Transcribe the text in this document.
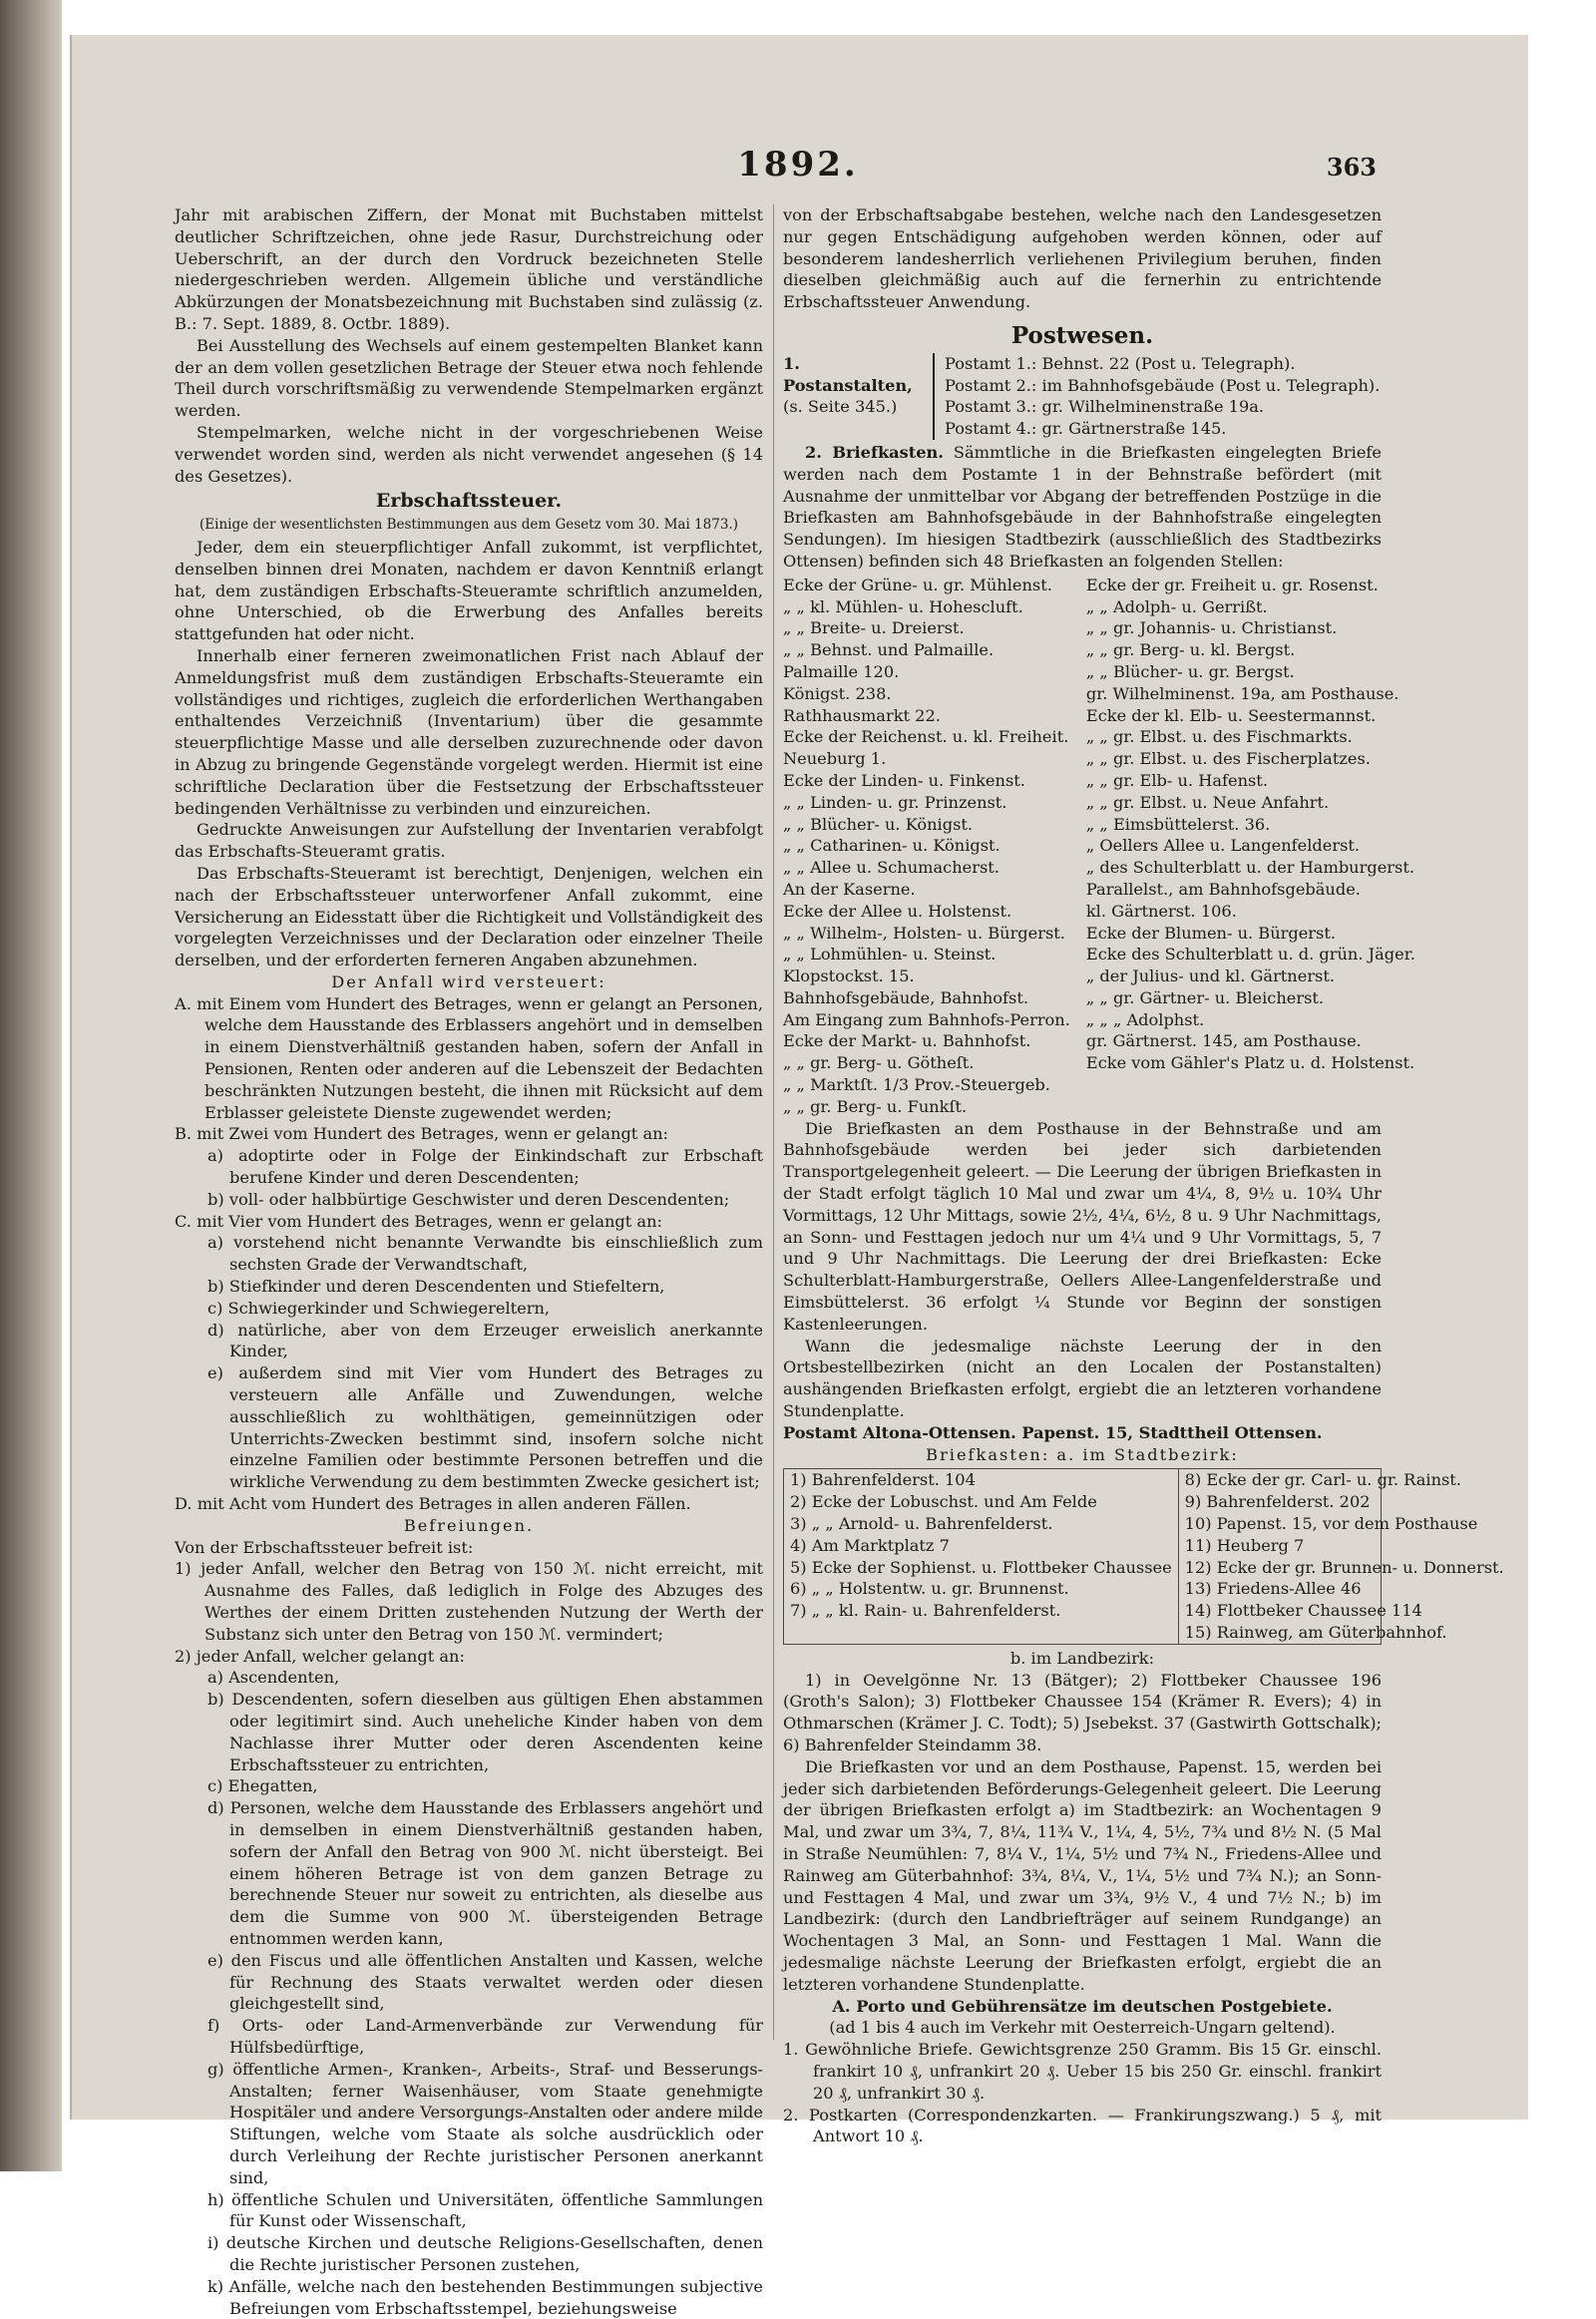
1892.	363

Jahr mit arabischen Ziffern, der Monat mit Buchstaben mittelst deutlicher Schriftzeichen, ohne jede Rasur, Durchstreichung oder Ueberschrift, an der durch den Vordruck bezeichneten Stelle niedergeschrieben werden. Allgemein übliche und verständliche Abkürzungen der Monatsbezeichnung mit Buchstaben sind zulässig (z. B.: 7. Sept. 1889, 8. Octbr. 1889).

Bei Ausstellung des Wechsels auf einem gestempelten Blanket kann der an dem vollen gesetzlichen Betrage der Steuer etwa noch fehlende Theil durch vorschriftsmäßig zu verwendende Stempelmarken ergänzt werden.

Stempelmarken, welche nicht in der vorgeschriebenen Weise verwendet worden sind, werden als nicht verwendet angesehen (§ 14 des Gesetzes).

Erbschaftssteuer.
(Einige der wesentlichsten Bestimmungen aus dem Gesetz vom 30. Mai 1873.)

Jeder, dem ein steuerpflichtiger Anfall zukommt, ist verpflichtet, denselben binnen drei Monaten, nachdem er davon Kenntniß erlangt hat, dem zuständigen Erbschafts-Steueramte schriftlich anzumelden, ohne Unterschied, ob die Erwerbung des Anfalles bereits stattgefunden hat oder nicht.

Innerhalb einer ferneren zweimonatlichen Frist nach Ablauf der Anmeldungsfrist muß dem zuständigen Erbschafts-Steueramte ein vollständiges und richtiges, zugleich die erforderlichen Werthangaben enthaltendes Verzeichniß (Inventarium) über die gesammte steuerpflichtige Masse und alle derselben zuzurechnende oder davon in Abzug zu bringende Gegenstände vorgelegt werden. Hiermit ist eine schriftliche Declaration über die Festsetzung der Erbschaftssteuer bedingenden Verhältnisse zu verbinden und einzureichen.

Gedruckte Anweisungen zur Aufstellung der Inventarien verabfolgt das Erbschafts-Steueramt gratis.

Das Erbschafts-Steueramt ist berechtigt, Denjenigen, welchen ein nach der Erbschaftssteuer unterworfener Anfall zukommt, eine Versicherung an Eidesstatt über die Richtigkeit und Vollständigkeit des vorgelegten Verzeichnisses und der Declaration oder einzelner Theile derselben, und der erforderten ferneren Angaben abzunehmen.

Der Anfall wird versteuert:

A. mit Einem vom Hundert des Betrages, wenn er gelangt an Personen, welche dem Hausstande des Erblassers angehört und in demselben in einem Dienstverhältniß gestanden haben, sofern der Anfall in Pensionen, Renten oder anderen auf die Lebenszeit der Bedachten beschränkten Nutzungen besteht, die ihnen mit Rücksicht auf dem Erblasser geleistete Dienste zugewendet werden;

B. mit Zwei vom Hundert des Betrages, wenn er gelangt an:

a) adoptirte oder in Folge der Einkindschaft zur Erbschaft berufene Kinder und deren Descendenten;

b) voll- oder halbbürtige Geschwister und deren Descendenten;

C. mit Vier vom Hundert des Betrages, wenn er gelangt an:

a) vorstehend nicht benannte Verwandte bis einschließlich zum sechsten Grade der Verwandtschaft,

b) Stiefkinder und deren Descendenten und Stiefeltern,

c) Schwiegerkinder und Schwiegereltern,

d) natürliche, aber von dem Erzeuger erweislich anerkannte Kinder,

e) außerdem sind mit Vier vom Hundert des Betrages zu versteuern alle Anfälle und Zuwendungen, welche ausschließlich zu wohlthätigen, gemeinnützigen oder Unterrichts-Zwecken bestimmt sind, insofern solche nicht einzelne Familien oder bestimmte Personen betreffen und die wirkliche Verwendung zu dem bestimmten Zwecke gesichert ist;

D. mit Acht vom Hundert des Betrages in allen anderen Fällen.

Befreiungen.

Von der Erbschaftssteuer befreit ist:

1) jeder Anfall, welcher den Betrag von 150 ℳ. nicht erreicht, mit Ausnahme des Falles, daß lediglich in Folge des Abzuges des Werthes der einem Dritten zustehenden Nutzung der Werth der Substanz sich unter den Betrag von 150 ℳ. vermindert;

2) jeder Anfall, welcher gelangt an:

a) Ascendenten,

b) Descendenten, sofern dieselben aus gültigen Ehen abstammen oder legitimirt sind. Auch uneheliche Kinder haben von dem Nachlasse ihrer Mutter oder deren Ascendenten keine Erbschaftssteuer zu entrichten,

c) Ehegatten,

d) Personen, welche dem Hausstande des Erblassers angehört und in demselben in einem Dienstverhältniß gestanden haben, sofern der Anfall den Betrag von 900 ℳ. nicht übersteigt. Bei einem höheren Betrage ist von dem ganzen Betrage zu berechnende Steuer nur soweit zu entrichten, als dieselbe aus dem die Summe von 900 ℳ. übersteigenden Betrage entnommen werden kann,

e) den Fiscus und alle öffentlichen Anstalten und Kassen, welche für Rechnung des Staats verwaltet werden oder diesen gleichgestellt sind,

f) Orts- oder Land-Armenverbände zur Verwendung für Hülfsbedürftige,

g) öffentliche Armen-, Kranken-, Arbeits-, Straf- und Besserungs-Anstalten; ferner Waisenhäuser, vom Staate genehmigte Hospitäler und andere Versorgungs-Anstalten oder andere milde Stiftungen, welche vom Staate als solche ausdrücklich oder durch Verleihung der Rechte juristischer Personen anerkannt sind,

h) öffentliche Schulen und Universitäten, öffentliche Sammlungen für Kunst oder Wissenschaft,

i) deutsche Kirchen und deutsche Religions-Gesellschaften, denen die Rechte juristischer Personen zustehen,

k) Anfälle, welche nach den bestehenden Bestimmungen subjective Befreiungen vom Erbschaftsstempel, beziehungsweise

von der Erbschaftsabgabe bestehen, welche nach den Landesgesetzen nur gegen Entschädigung aufgehoben werden können, oder auf besonderem landesherrlich verliehenen Privilegium beruhen, finden dieselben gleichmäßig auch auf die fernerhin zu entrichtende Erbschaftssteuer Anwendung.

Postwesen.
1. Postanstalten,
(s. Seite 345.)
Postamt 1.: Behnst. 22 (Post u. Telegraph).
Postamt 2.: im Bahnhofsgebäude (Post u. Telegraph).
Postamt 3.: gr. Wilhelminenstraße 19a.
Postamt 4.: gr. Gärtnerstraße 145.

2. Briefkasten. Sämmtliche in die Briefkasten eingelegten Briefe werden nach dem Postamte 1 in der Behnstraße befördert (mit Ausnahme der unmittelbar vor Abgang der betreffenden Postzüge in die Briefkasten am Bahnhofsgebäude in der Bahnhofstraße eingelegten Sendungen). Im hiesigen Stadtbezirk (ausschließlich des Stadtbezirks Ottensen) befinden sich 48 Briefkasten an folgenden Stellen:

Ecke der Grüne- u. gr. Mühlenst.
„ „ kl. Mühlen- u. Hohescluft.
„ „ Breite- u. Dreierst.
„ „ Behnst. und Palmaille.
Palmaille 120.
Königst. 238.
Rathhausmarkt 22.
Ecke der Reichenst. u. kl. Freiheit.
Neueburg 1.
Ecke der Linden- u. Finkenst.
„ „ Linden- u. gr. Prinzenst.
„ „ Blücher- u. Königst.
„ „ Catharinen- u. Königst.
„ „ Allee u. Schumacherst.
An der Kaserne.
Ecke der Allee u. Holstenst.
„ „ Wilhelm-, Holsten- u. Bürgerst.
„ „ Lohmühlen- u. Steinst.
Klopstockst. 15.
Bahnhofsgebäude, Bahnhofst.
Am Eingang zum Bahnhofs-Perron.
Ecke der Markt- u. Bahnhofst.
„ „ gr. Berg- u. Götheſt.
„ „ Marktſt. 1/3 Prov.-Steuergeb.
„ „ gr. Berg- u. Funkſt.
Ecke der gr. Freiheit u. gr. Rosenst.
„ „ Adolph- u. Gerrißt.
„ „ gr. Johannis- u. Christianst.
„ „ gr. Berg- u. kl. Bergst.
„ „ Blücher- u. gr. Bergst.
gr. Wilhelminenst. 19a, am Posthause.
Ecke der kl. Elb- u. Seestermannst.
„ „ gr. Elbst. u. des Fischmarkts.
„ „ gr. Elbst. u. des Fischerplatzes.
„ „ gr. Elb- u. Hafenst.
„ „ gr. Elbst. u. Neue Anfahrt.
„ „ Eimsbüttelerst. 36.
„ Oellers Allee u. Langenfelderst.
„ des Schulterblatt u. der Hamburgerst.
Parallelst., am Bahnhofsgebäude.
kl. Gärtnerst. 106.
Ecke der Blumen- u. Bürgerst.
Ecke des Schulterblatt u. d. grün. Jäger.
„ der Julius- und kl. Gärtnerst.
„ „ gr. Gärtner- u. Bleicherst.
„ „ „ Adolphst.
gr. Gärtnerst. 145, am Posthause.
Ecke vom Gähler's Platz u. d. Holstenst.

Die Briefkasten an dem Posthause in der Behnstraße und am Bahnhofsgebäude werden bei jeder sich darbietenden Transportgelegenheit geleert. — Die Leerung der übrigen Briefkasten in der Stadt erfolgt täglich 10 Mal und zwar um 4¼, 8, 9½ u. 10¾ Uhr Vormittags, 12 Uhr Mittags, sowie 2½, 4¼, 6½, 8 u. 9 Uhr Nachmittags, an Sonn- und Festtagen jedoch nur um 4¼ und 9 Uhr Vormittags, 5, 7 und 9 Uhr Nachmittags. Die Leerung der drei Briefkasten: Ecke Schulterblatt-Hamburgerstraße, Oellers Allee-Langenfelderstraße und Eimsbüttelerst. 36 erfolgt ¼ Stunde vor Beginn der sonstigen Kastenleerungen.

Wann die jedesmalige nächste Leerung der in den Ortsbestellbezirken (nicht an den Localen der Postanstalten) aushängenden Briefkasten erfolgt, ergiebt die an letzteren vorhandene Stundenplatte.

Postamt Altona-Ottensen. Papenst. 15, Stadttheil Ottensen.
Briefkasten: a. im Stadtbezirk:
1) Bahrenfelderst. 104
2) Ecke der Lobuschst. und Am Felde
3) „ „ Arnold- u. Bahrenfelderst.
4) Am Marktplatz 7
5) Ecke der Sophienst. u. Flottbeker Chaussee
6) „ „ Holstentw. u. gr. Brunnenst.
7) „ „ kl. Rain- u. Bahrenfelderst.
8) Ecke der gr. Carl- u. gr. Rainst.
9) Bahrenfelderst. 202
10) Papenst. 15, vor dem Posthause
11) Heuberg 7
12) Ecke der gr. Brunnen- u. Donnerst.
13) Friedens-Allee 46
14) Flottbeker Chaussee 114
15) Rainweg, am Güterbahnhof.
b. im Landbezirk:

1) in Oevelgönne Nr. 13 (Bätger); 2) Flottbeker Chaussee 196 (Groth's Salon); 3) Flottbeker Chaussee 154 (Krämer R. Evers); 4) in Othmarschen (Krämer J. C. Todt); 5) Jsebekst. 37 (Gastwirth Gottschalk); 6) Bahrenfelder Steindamm 38.

Die Briefkasten vor und an dem Posthause, Papenst. 15, werden bei jeder sich darbietenden Beförderungs-Gelegenheit geleert. Die Leerung der übrigen Briefkasten erfolgt a) im Stadtbezirk: an Wochentagen 9 Mal, und zwar um 3¾, 7, 8¼, 11¾ V., 1¼, 4, 5½, 7¾ und 8½ N. (5 Mal in Straße Neumühlen: 7, 8¼ V., 1¼, 5½ und 7¾ N., Friedens-Allee und Rainweg am Güterbahnhof: 3¾, 8¼, V., 1¼, 5½ und 7¾ N.); an Sonn- und Festtagen 4 Mal, und zwar um 3¾, 9½ V., 4 und 7½ N.; b) im Landbezirk: (durch den Landbriefträger auf seinem Rundgange) an Wochentagen 3 Mal, an Sonn- und Festtagen 1 Mal. Wann die jedesmalige nächste Leerung der Briefkasten erfolgt, ergiebt die an letzteren vorhandene Stundenplatte.

A. Porto und Gebührensätze im deutschen Postgebiete.
(ad 1 bis 4 auch im Verkehr mit Oesterreich-Ungarn geltend).

1. Gewöhnliche Briefe. Gewichtsgrenze 250 Gramm. Bis 15 Gr. einschl. frankirt 10 ₰, unfrankirt 20 ₰. Ueber 15 bis 250 Gr. einschl. frankirt 20 ₰, unfrankirt 30 ₰.

2. Postkarten (Correspondenzkarten. — Frankirungszwang.) 5 ₰, mit Antwort 10 ₰.
